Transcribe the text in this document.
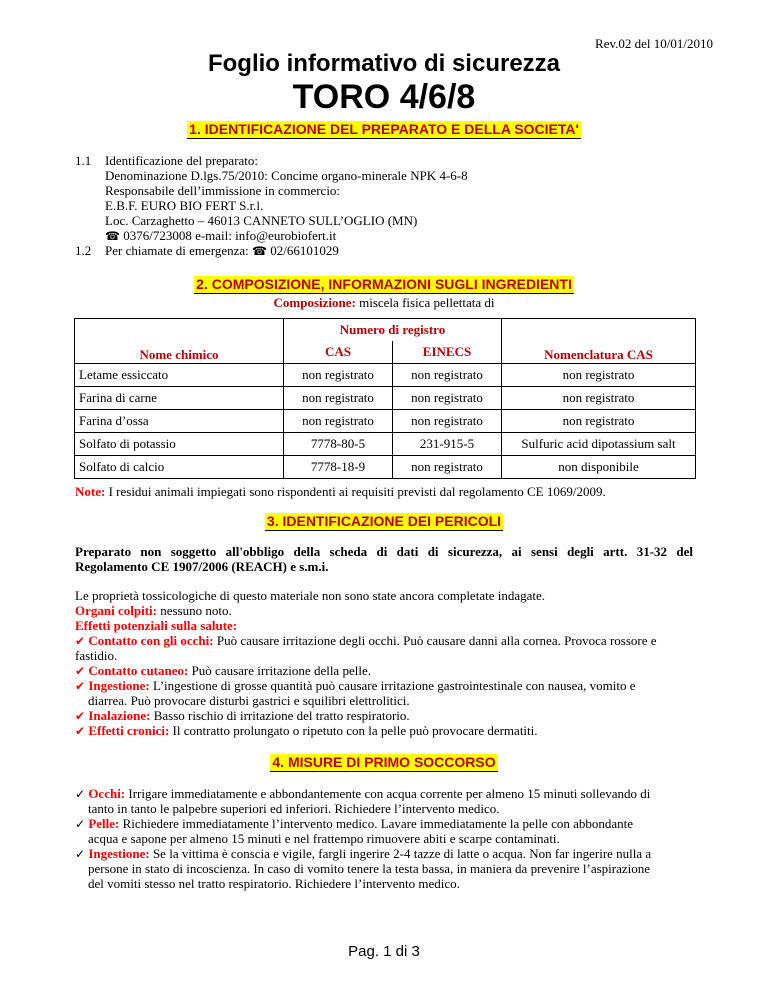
Rev.02 del 10/01/2010
Foglio informativo di sicurezza
TORO 4/6/8
1. IDENTIFICAZIONE DEL PREPARATO E DELLA SOCIETA'
1.1 Identificazione del preparato:
Denominazione D.lgs.75/2010: Concime organo-minerale NPK 4-6-8
Responsabile dell’immissione in commercio:
E.B.F. EURO BIO FERT S.r.l.
Loc. Carzaghetto – 46013 CANNETO SULL’OGLIO (MN)
☎ 0376/723008 e-mail: info@eurobiofert.it
1.2 Per chiamate di emergenza: ☎ 02/66101029
2. COMPOSIZIONE, INFORMAZIONI SUGLI INGREDIENTI
Composizione: miscela fisica pellettata di
Nome chimico	Numero di registro		Nomenclatura CAS
	CAS	EINECS	
Letame essiccato	non registrato	non registrato	non registrato
Farina di carne	non registrato	non registrato	non registrato
Farina d’ossa	non registrato	non registrato	non registrato
Solfato di potassio	7778-80-5	231-915-5	Sulfuric acid dipotassium salt
Solfato di calcio	7778-18-9	non registrato	non disponibile
Note: I residui animali impiegati sono rispondenti ai requisiti previsti dal regolamento CE 1069/2009.
3. IDENTIFICAZIONE DEI PERICOLI
Preparato non soggetto all'obbligo della scheda di dati di sicurezza, ai sensi degli artt. 31-32 del
Regolamento CE 1907/2006 (REACH) e s.m.i.
Le proprietà tossicologiche di questo materiale non sono state ancora completate indagate.
Organi colpiti: nessuno noto.
Effetti potenziali sulla salute:
✔ Contatto con gli occhi: Può causare irritazione degli occhi. Può causare danni alla cornea. Provoca rossore e
fastidio.
✔ Contatto cutaneo: Può causare irritazione della pelle.
✔ Ingestione: L’ingestione di grosse quantità può causare irritazione gastrointestinale con nausea, vomito e
diarrea. Può provocare disturbi gastrici e squilibri elettrolitici.
✔ Inalazione: Basso rischio di irritazione del tratto respiratorio.
✔ Effetti cronici: Il contratto prolungato o ripetuto con la pelle può provocare dermatiti.
4. MISURE DI PRIMO SOCCORSO
✓ Occhi: Irrigare immediatamente e abbondantemente con acqua corrente per almeno 15 minuti sollevando di
tanto in tanto le palpebre superiori ed inferiori. Richiedere l’intervento medico.
✓ Pelle: Richiedere immediatamente l’intervento medico. Lavare immediatamente la pelle con abbondante
acqua e sapone per almeno 15 minuti e nel frattempo rimuovere abiti e scarpe contaminati.
✓ Ingestione: Se la vittima è conscia e vigile, fargli ingerire 2-4 tazze di latte o acqua. Non far ingerire nulla a
persone in stato di incoscienza. In caso di vomito tenere la testa bassa, in maniera da prevenire l’aspirazione
del vomiti stesso nel tratto respiratorio. Richiedere l’intervento medico.
Pag. 1 di 3
